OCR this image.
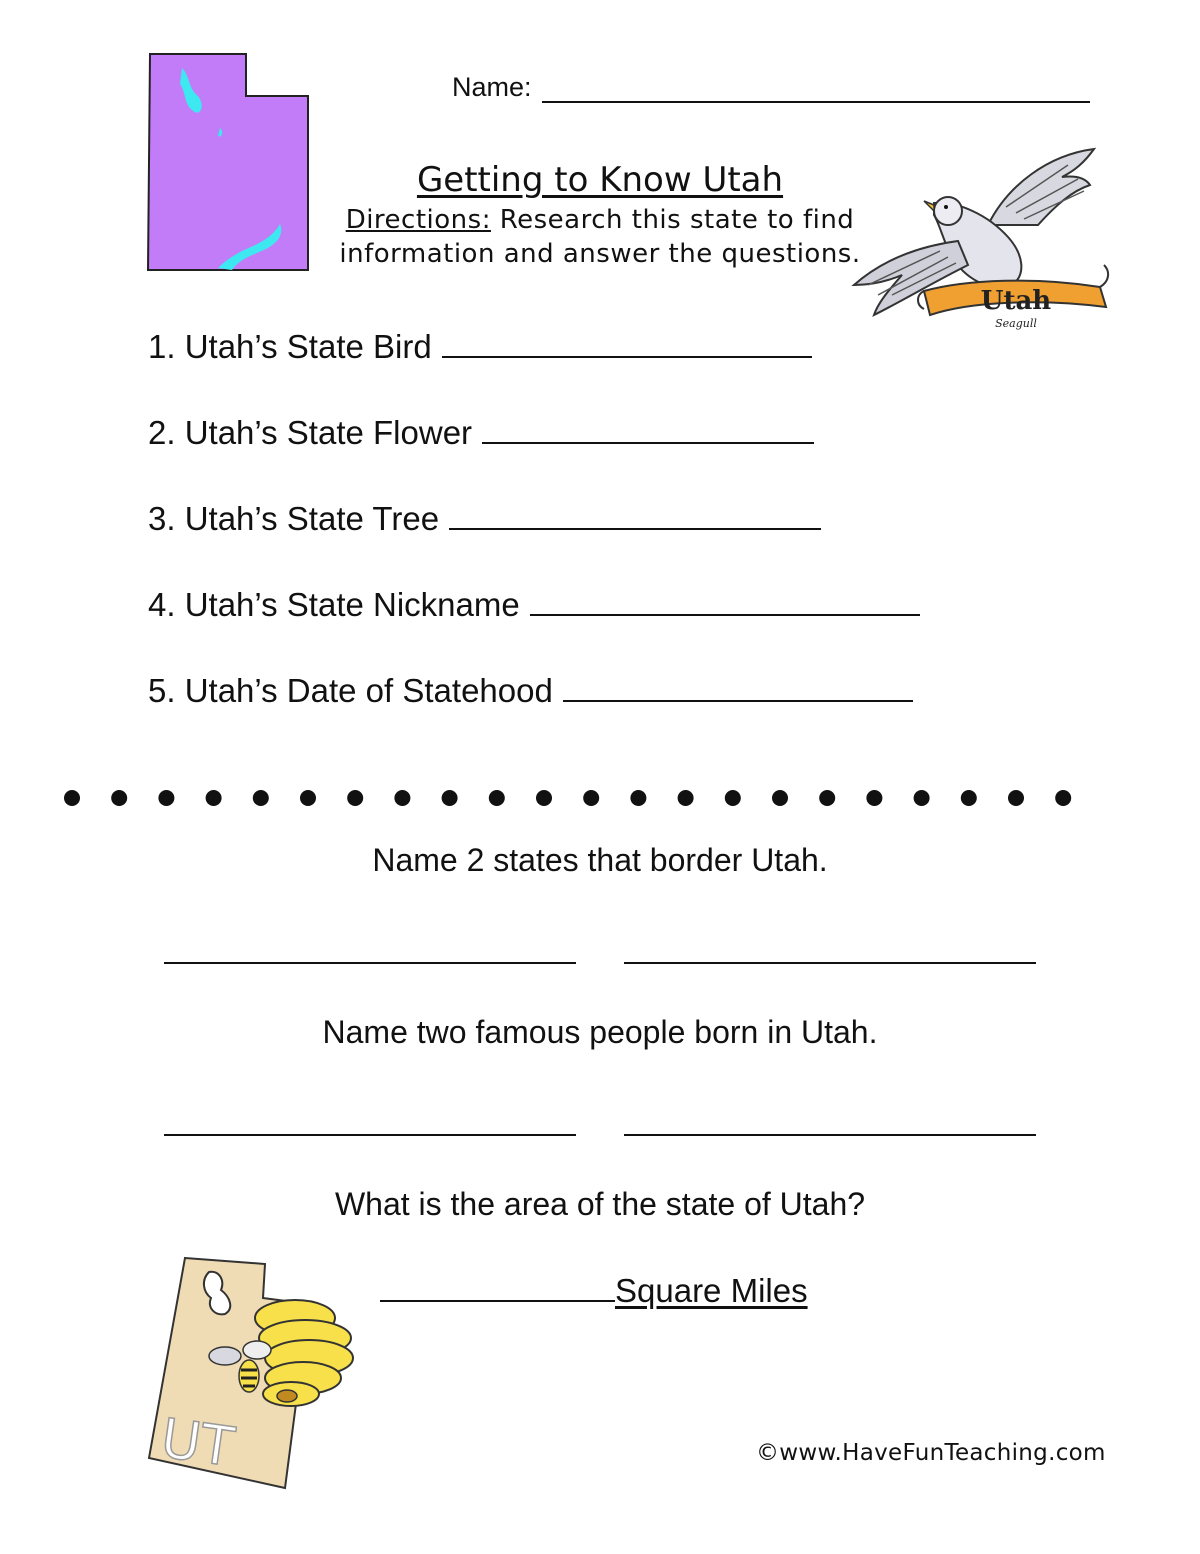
Name:
Getting to Know Utah
Directions: Research this state to find
information and answer the questions.
Utah
Seagull
1. Utah’s State Bird
2. Utah’s State Flower
3. Utah’s State Tree
4. Utah’s State Nickname
5. Utah’s Date of Statehood
Name 2 states that border Utah.
Name two famous people born in Utah.
What is the area of the state of Utah?
Square Miles
UT	©www.HaveFunTeaching.com
